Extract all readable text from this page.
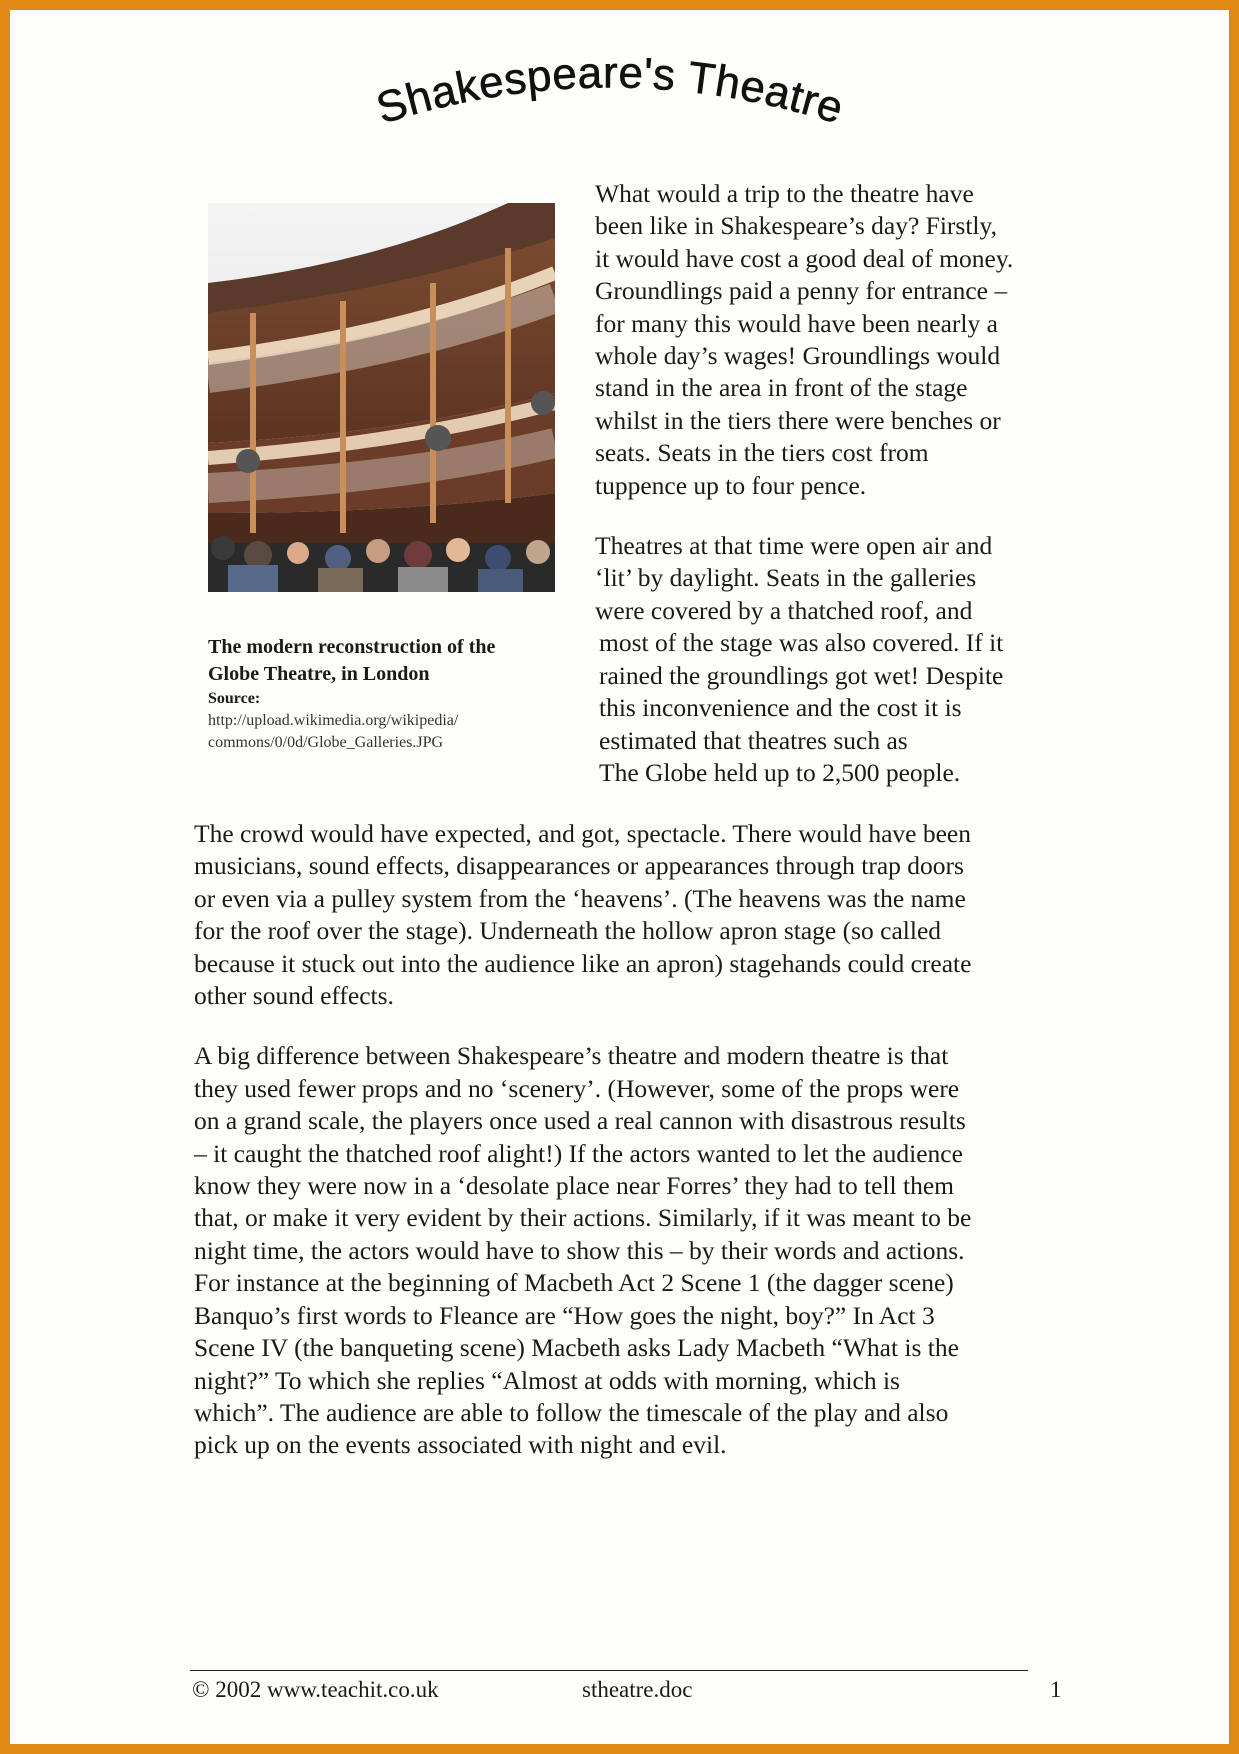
Shakespeare's Theatre

The modern reconstruction of the

Globe Theatre, in London

Source:

http://upload.wikimedia.org/wikipedia/

commons/0/0d/Globe_Galleries.JPG

What would a trip to the theatre have
been like in Shakespeare’s day? Firstly,
it would have cost a good deal of money.
Groundlings paid a penny for entrance –
for many this would have been nearly a
whole day’s wages! Groundlings would
stand in the area in front of the stage
whilst in the tiers there were benches or
seats. Seats in the tiers cost from
tuppence up to four pence.

Theatres at that time were open air and
‘lit’ by daylight. Seats in the galleries
were covered by a thatched roof, and
most of the stage was also covered. If it
rained the groundlings got wet! Despite
this inconvenience and the cost it is
estimated that theatres such as
The Globe held up to 2,500 people.

The crowd would have expected, and got, spectacle. There would have been
musicians, sound effects, disappearances or appearances through trap doors
or even via a pulley system from the ‘heavens’. (The heavens was the name
for the roof over the stage). Underneath the hollow apron stage (so called
because it stuck out into the audience like an apron) stagehands could create
other sound effects.

A big difference between Shakespeare’s theatre and modern theatre is that
they used fewer props and no ‘scenery’. (However, some of the props were
on a grand scale, the players once used a real cannon with disastrous results
– it caught the thatched roof alight!) If the actors wanted to let the audience
know they were now in a ‘desolate place near Forres’ they had to tell them
that, or make it very evident by their actions. Similarly, if it was meant to be
night time, the actors would have to show this – by their words and actions.
For instance at the beginning of Macbeth Act 2 Scene 1 (the dagger scene)
Banquo’s first words to Fleance are “How goes the night, boy?” In Act 3
Scene IV (the banqueting scene) Macbeth asks Lady Macbeth “What is the
night?” To which she replies “Almost at odds with morning, which is
which”. The audience are able to follow the timescale of the play and also
pick up on the events associated with night and evil.

© 2002 www.teachit.co.uk	stheatre.doc	1
